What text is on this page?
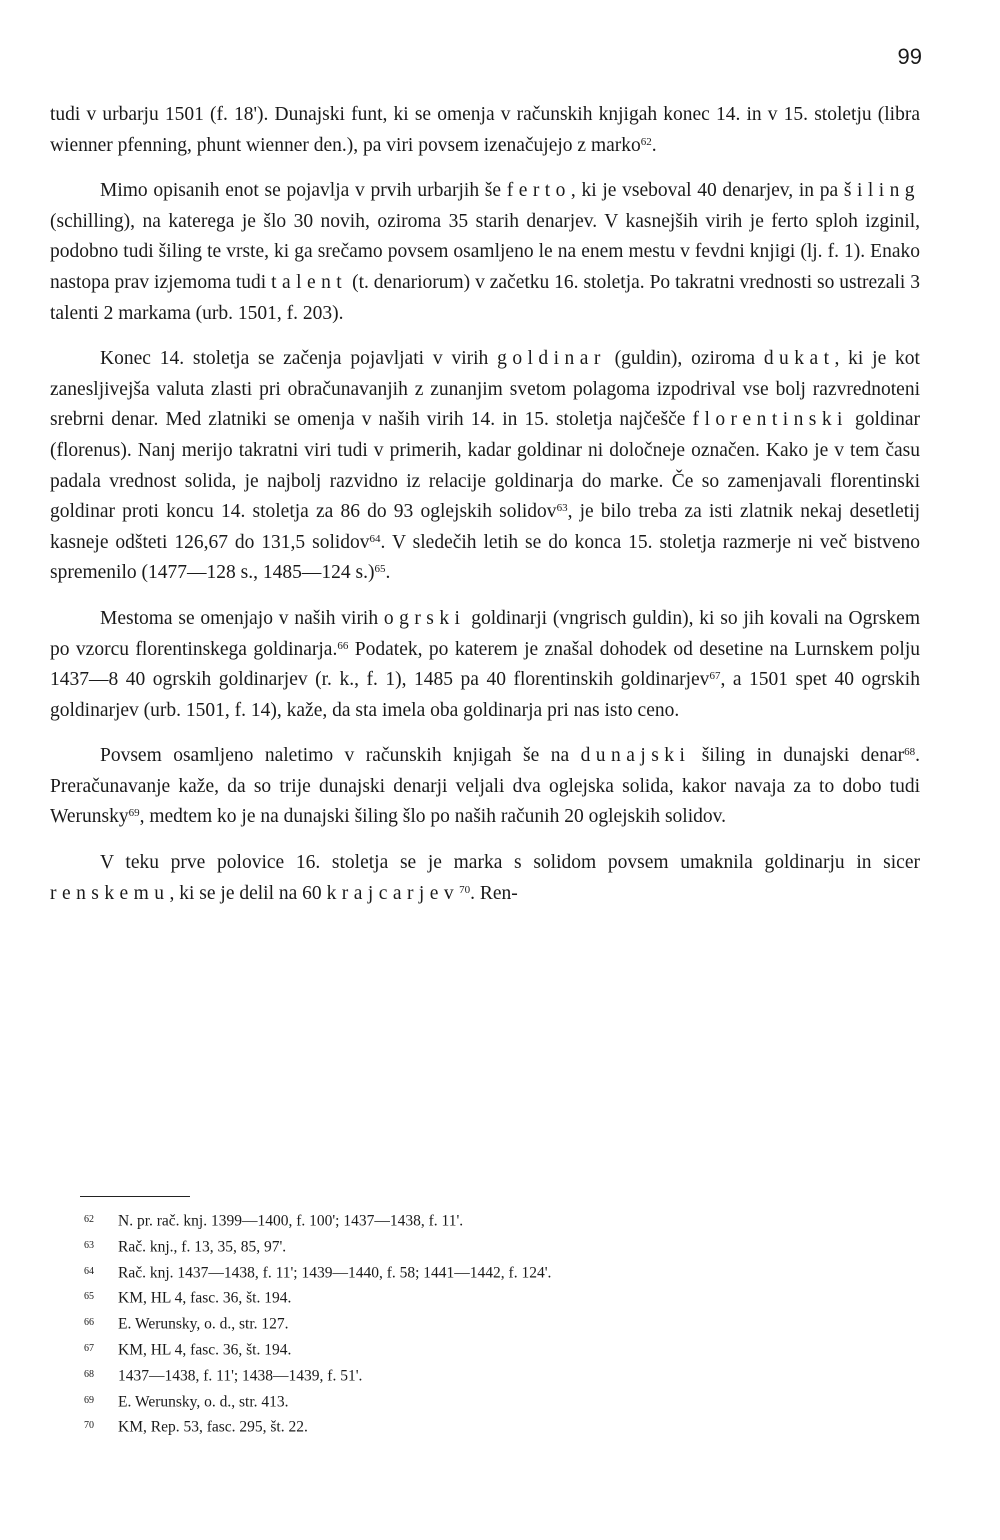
99

tudi v urbarju 1501 (f. 18'). Dunajski funt, ki se omenja v računskih knjigah konec 14. in v 15. stoletju (libra wienner pfenning, phunt wienner den.), pa viri povsem izenačujejo z marko$^{62}$.

Mimo opisanih enot se pojavlja v prvih urbarjih še ferto, ki je vseboval 40 denarjev, in pa šiling (schilling), na katerega je šlo 30 novih, oziroma 35 starih denarjev. V kasnejših virih je ferto sploh izginil, podobno tudi šiling te vrste, ki ga srečamo povsem osamljeno le na enem mestu v fevdni knjigi (lj. f. 1). Enako nastopa prav izjemoma tudi talent (t. denariorum) v začetku 16. stoletja. Po takratni vrednosti so ustrezali 3 talenti 2 markama (urb. 1501, f. 203).

Konec 14. stoletja se začenja pojavljati v virih goldinar (guldin), oziroma dukat, ki je kot zanesljivejša valuta zlasti pri obračunavanjih z zunanjim svetom polagoma izpodrival vse bolj razvrednoteni srebrni denar. Med zlatniki se omenja v naših virih 14. in 15. stoletja najčešče florentinski goldinar (florenus). Nanj merijo takratni viri tudi v primerih, kadar goldinar ni določneje označen. Kako je v tem času padala vrednost solida, je najbolj razvidno iz relacije goldinarja do marke. Če so zamenjavali florentinski goldinar proti koncu 14. stoletja za 86 do 93 oglejskih solidov$^{63}$, je bilo treba za isti zlatnik nekaj desetletij kasneje odšteti 126,67 do 131,5 solidov$^{64}$. V sledečih letih se do konca 15. stoletja razmerje ni več bistveno spremenilo (1477—128 s., 1485—124 s.)$^{65}$.

Mestoma se omenjajo v naših virih ogrski goldinarji (vngrisch guldin), ki so jih kovali na Ogrskem po vzorcu florentinskega goldinarja.$^{66}$ Podatek, po katerem je znašal dohodek od desetine na Lurnskem polju 1437—8 40 ogrskih goldinarjev (r. k., f. 1), 1485 pa 40 florentinskih goldinarjev$^{67}$, a 1501 spet 40 ogrskih goldinarjev (urb. 1501, f. 14), kaže, da sta imela oba goldinarja pri nas isto ceno.

Povsem osamljeno naletimo v računskih knjigah še na dunajski šiling in dunajski denar$^{68}$. Preračunavanje kaže, da so trije dunajski denarji veljali dva oglejska solida, kakor navaja za to dobo tudi Werunsky$^{69}$, medtem ko je na dunajski šiling šlo po naših računih 20 oglejskih solidov.

V teku prve polovice 16. stoletja se je marka s solidom povsem umaknila goldinarju in sicer renskemu, ki se je delil na 60 krajcarjev$^{70}$. Ren-

62 N. pr. rač. knj. 1399—1400, f. 100'; 1437—1438, f. 11'.
63 Rač. knj., f. 13, 35, 85, 97'.
64 Rač. knj. 1437—1438, f. 11'; 1439—1440, f. 58; 1441—1442, f. 124'.
65 KM, HL 4, fasc. 36, št. 194.
66 E. Werunsky, o. d., str. 127.
67 KM, HL 4, fasc. 36, št. 194.
68 1437—1438, f. 11'; 1438—1439, f. 51'.
69 E. Werunsky, o. d., str. 413.
70 KM, Rep. 53, fasc. 295, št. 22.
